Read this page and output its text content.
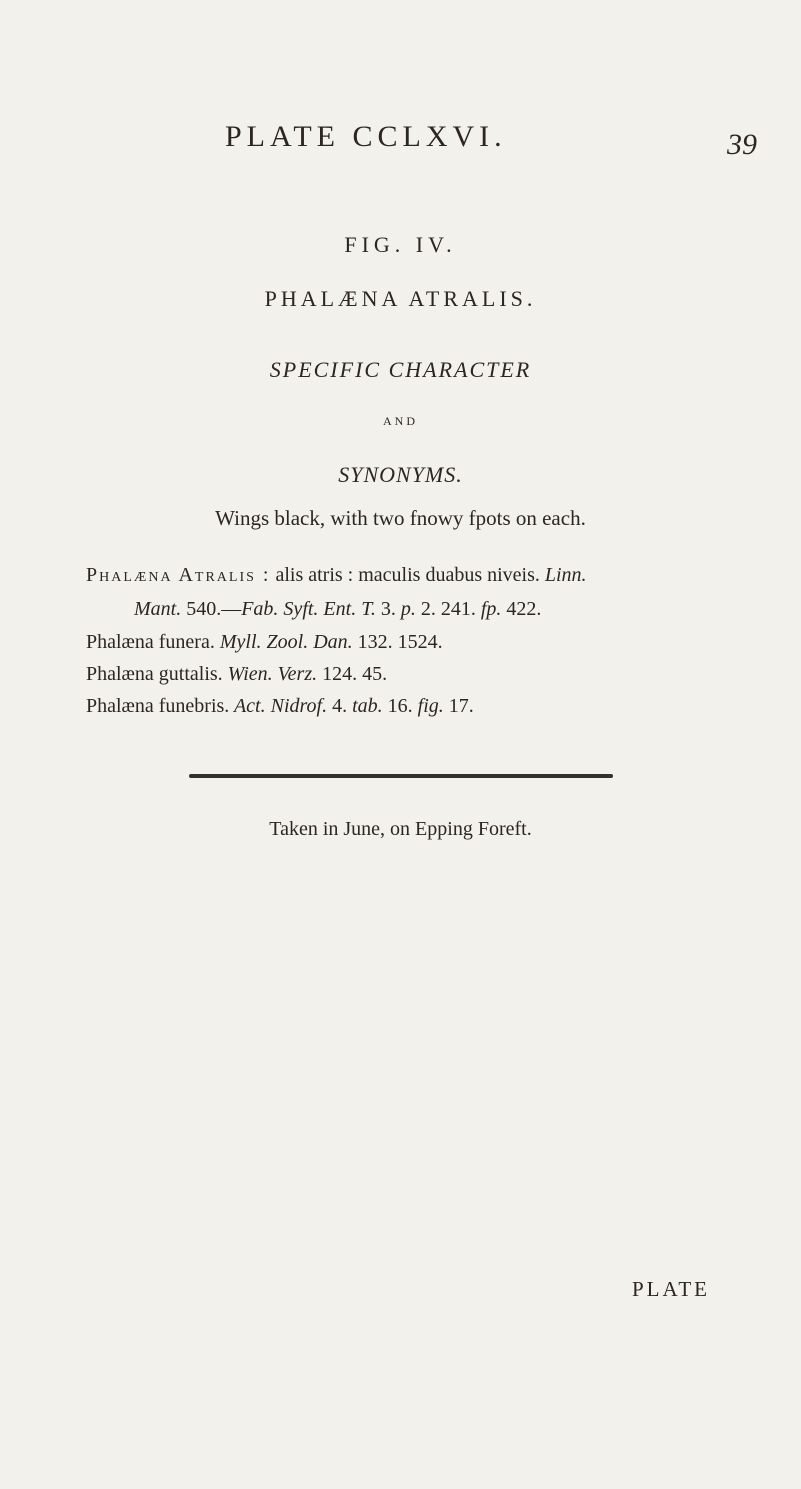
PLATE CCLXVI.	39
FIG. IV.
PHALÆNA ATRALIS.
SPECIFIC CHARACTER
AND
SYNONYMS.
Wings black, with two fnowy fpots on each.
Phalæna Atralis : alis atris : maculis duabus niveis. Linn.
Mant. 540.—Fab. Syft. Ent. T. 3. p. 2. 241. fp. 422.
Phalæna funera. Myll. Zool. Dan. 132. 1524.
Phalæna guttalis. Wien. Verz. 124. 45.
Phalæna funebris. Act. Nidrof. 4. tab. 16. fig. 17.
Taken in June, on Epping Foreft.
PLATE
